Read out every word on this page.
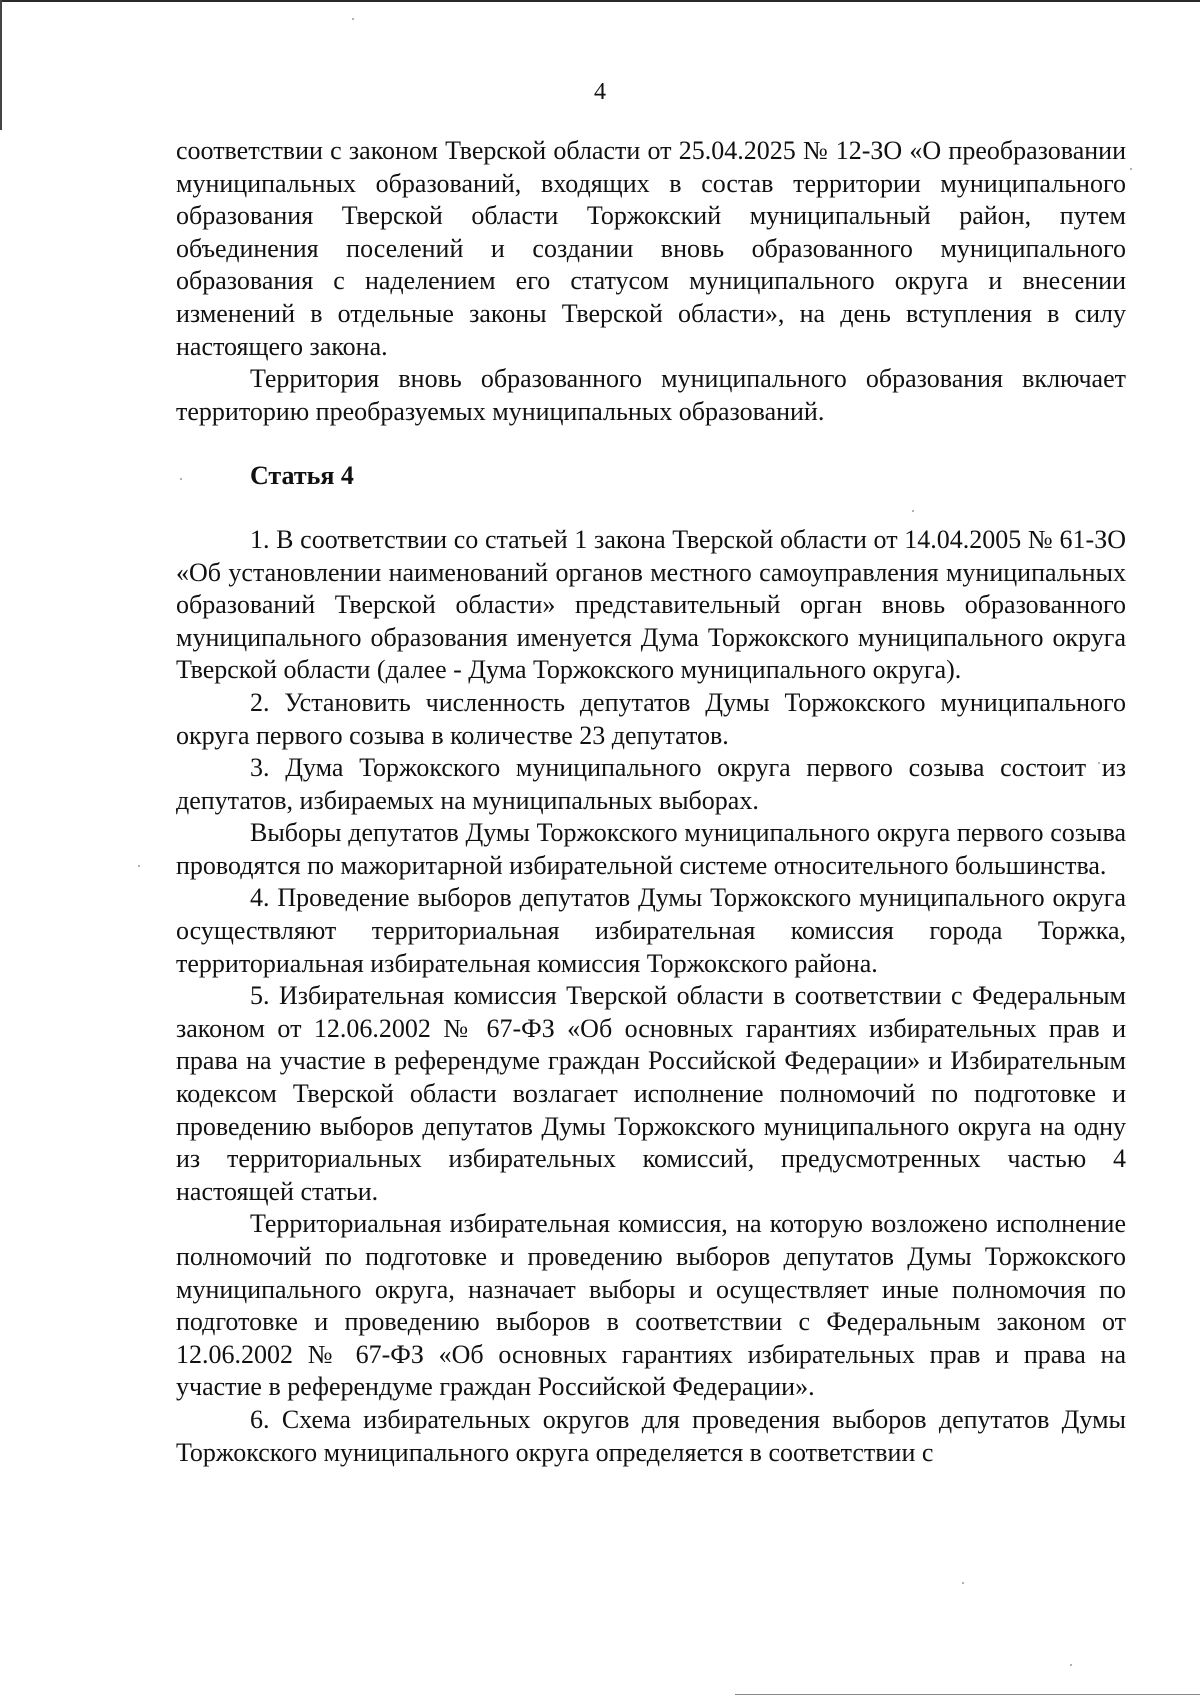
4

соответствии с законом Тверской области от 25.04.2025 № 12-ЗО «О преобразовании муниципальных образований, входящих в состав территории муниципального образования Тверской области Торжокский муниципальный район, путем объединения поселений и создании вновь образованного муниципального образования с наделением его статусом муниципального округа и внесении изменений в отдельные законы Тверской области», на день вступления в силу настоящего закона.

Территория вновь образованного муниципального образования включает территорию преобразуемых муниципальных образований.

Статья 4

1. В соответствии со статьей 1 закона Тверской области от 14.04.2005 № 61-ЗО «Об установлении наименований органов местного самоуправления муниципальных образований Тверской области» представительный орган вновь образованного муниципального образования именуется Дума Торжокского муниципального округа Тверской области (далее - Дума Торжокского муниципального округа).

2. Установить численность депутатов Думы Торжокского муниципального округа первого созыва в количестве 23 депутатов.

3. Дума Торжокского муниципального округа первого созыва состоит из депутатов, избираемых на муниципальных выборах.

Выборы депутатов Думы Торжокского муниципального округа первого созыва проводятся по мажоритарной избирательной системе относительного большинства.

4. Проведение выборов депутатов Думы Торжокского муниципального округа осуществляют территориальная избирательная комиссия города Торжка, территориальная избирательная комиссия Торжокского района.

5. Избирательная комиссия Тверской области в соответствии с Федеральным законом от 12.06.2002 № 67-ФЗ «Об основных гарантиях избирательных прав и права на участие в референдуме граждан Российской Федерации» и Избирательным кодексом Тверской области возлагает исполнение полномочий по подготовке и проведению выборов депутатов Думы Торжокского муниципального округа на одну из территориальных избирательных комиссий, предусмотренных частью 4 настоящей статьи.

Территориальная избирательная комиссия, на которую возложено исполнение полномочий по подготовке и проведению выборов депутатов Думы Торжокского муниципального округа, назначает выборы и осуществляет иные полномочия по подготовке и проведению выборов в соответствии с Федеральным законом от 12.06.2002 № 67-ФЗ «Об основных гарантиях избирательных прав и права на участие в референдуме граждан Российской Федерации».

6. Схема избирательных округов для проведения выборов депутатов Думы Торжокского муниципального округа определяется в соответствии с
